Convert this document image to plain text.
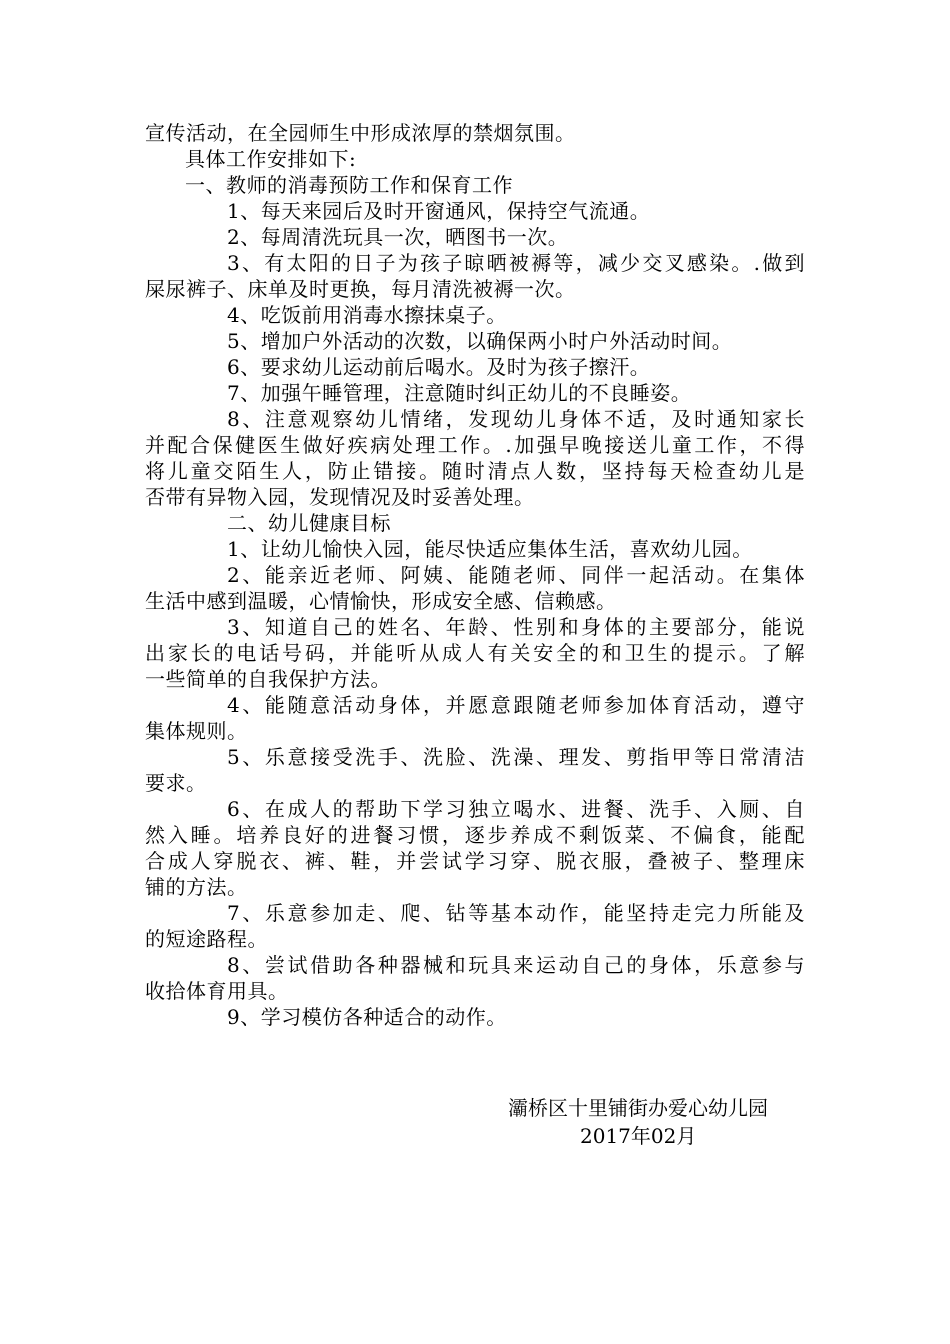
宣传活动，在全园师生中形成浓厚的禁烟氛围。
具体工作安排如下:
一、教师的消毒预防工作和保育工作
1、每天来园后及时开窗通风，保持空气流通。
2、每周清洗玩具一次，晒图书一次。
3、有太阳的日子为孩子晾晒被褥等，减少交叉感染。.做到
屎尿裤子、床单及时更换，每月清洗被褥一次。
4、吃饭前用消毒水擦抹桌子。
5、增加户外活动的次数，以确保两小时户外活动时间。
6、要求幼儿运动前后喝水。及时为孩子擦汗。
7、加强午睡管理，注意随时纠正幼儿的不良睡姿。
8、注意观察幼儿情绪，发现幼儿身体不适，及时通知家长
并配合保健医生做好疾病处理工作。.加强早晚接送儿童工作，不得
将儿童交陌生人，防止错接。随时清点人数，坚持每天检查幼儿是
否带有异物入园，发现情况及时妥善处理。
二、幼儿健康目标
1、让幼儿愉快入园，能尽快适应集体生活，喜欢幼儿园。
2、能亲近老师、阿姨、能随老师、同伴一起活动。在集体
生活中感到温暖，心情愉快，形成安全感、信赖感。
3、知道自己的姓名、年龄、性别和身体的主要部分，能说
出家长的电话号码，并能听从成人有关安全的和卫生的提示。了解
一些简单的自我保护方法。
4、能随意活动身体，并愿意跟随老师参加体育活动，遵守
集体规则。
5、乐意接受洗手、洗脸、洗澡、理发、剪指甲等日常清洁
要求。
6、在成人的帮助下学习独立喝水、进餐、洗手、入厕、自
然入睡。培养良好的进餐习惯，逐步养成不剩饭菜、不偏食，能配
合成人穿脱衣、裤、鞋，并尝试学习穿、脱衣服，叠被子、整理床
铺的方法。
7、乐意参加走、爬、钻等基本动作，能坚持走完力所能及
的短途路程。
8、尝试借助各种器械和玩具来运动自己的身体，乐意参与
收拾体育用具。
9、学习模仿各种适合的动作。
灞桥区十里铺街办爱心幼儿园
2017年02月
